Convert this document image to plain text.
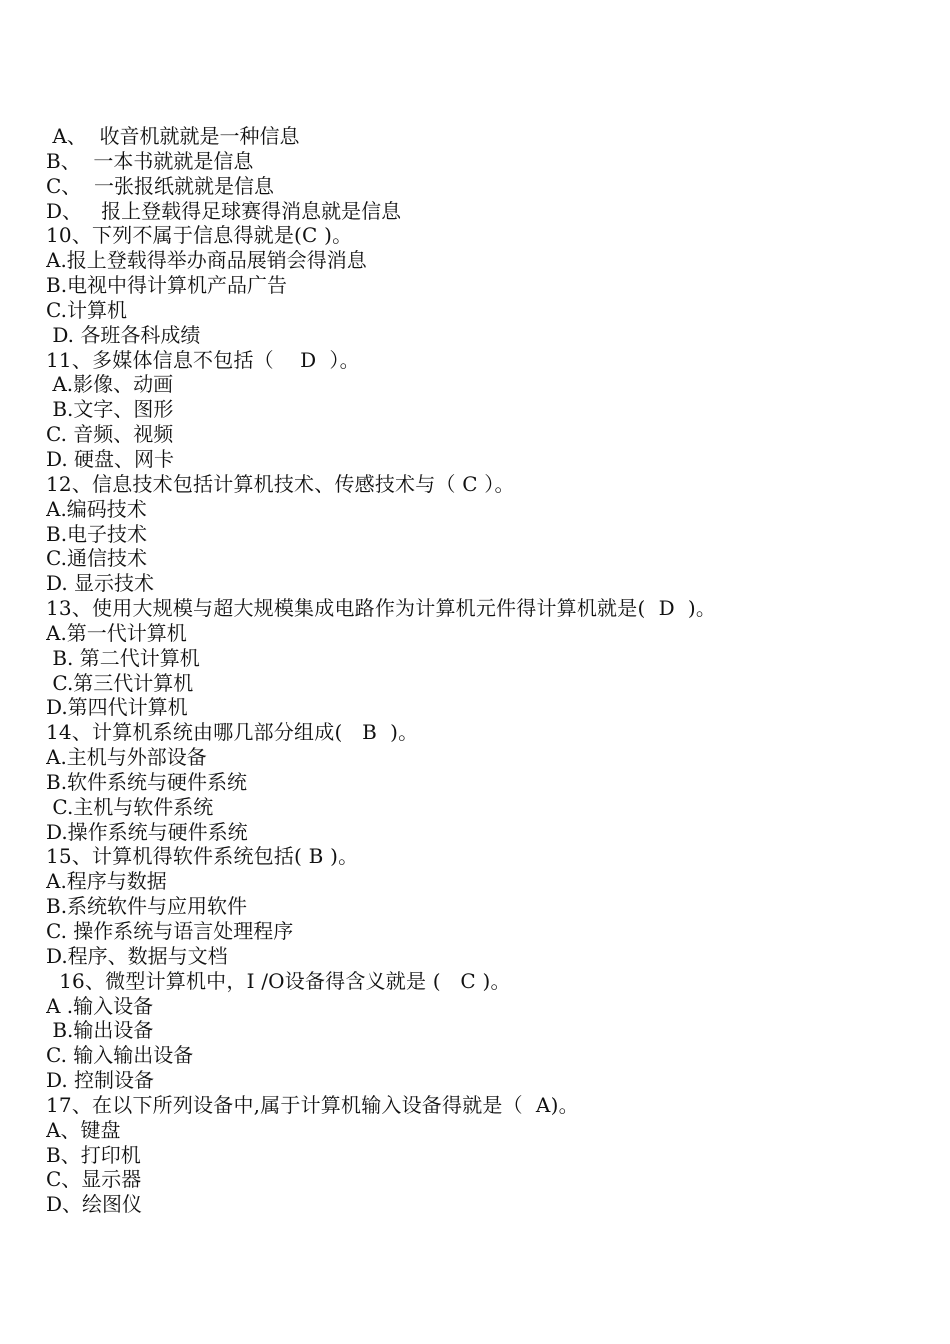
A、  收音机就就是一种信息
B、  一本书就就是信息
C、  一张报纸就就是信息
D、   报上登载得足球赛得消息就是信息
10、下列不属于信息得就是(C )。
A.报上登载得举办商品展销会得消息
B.电视中得计算机产品广告
C.计算机
D. 各班各科成绩
11、多媒体信息不包括（    D  ）。
A.影像、动画
B.文字、图形
C. 音频、视频
D. 硬盘、网卡
12、信息技术包括计算机技术、传感技术与（ C ）。
A.编码技术
B.电子技术
C.通信技术
D. 显示技术
13、使用大规模与超大规模集成电路作为计算机元件得计算机就是(  D  )。
A.第一代计算机
B. 第二代计算机
C.第三代计算机
D.第四代计算机
14、计算机系统由哪几部分组成(   B  )。
A.主机与外部设备
B.软件系统与硬件系统
C.主机与软件系统
D.操作系统与硬件系统
15、计算机得软件系统包括( B )。
A.程序与数据
B.系统软件与应用软件
C. 操作系统与语言处理程序
D.程序、数据与文档
16、微型计算机中，I /O设备得含义就是 (   C )。
A .输入设备
B.输出设备
C. 输入输出设备
D. 控制设备
17、在以下所列设备中,属于计算机输入设备得就是（  A)。
A、键盘
B、打印机
C、显示器
D、绘图仪
